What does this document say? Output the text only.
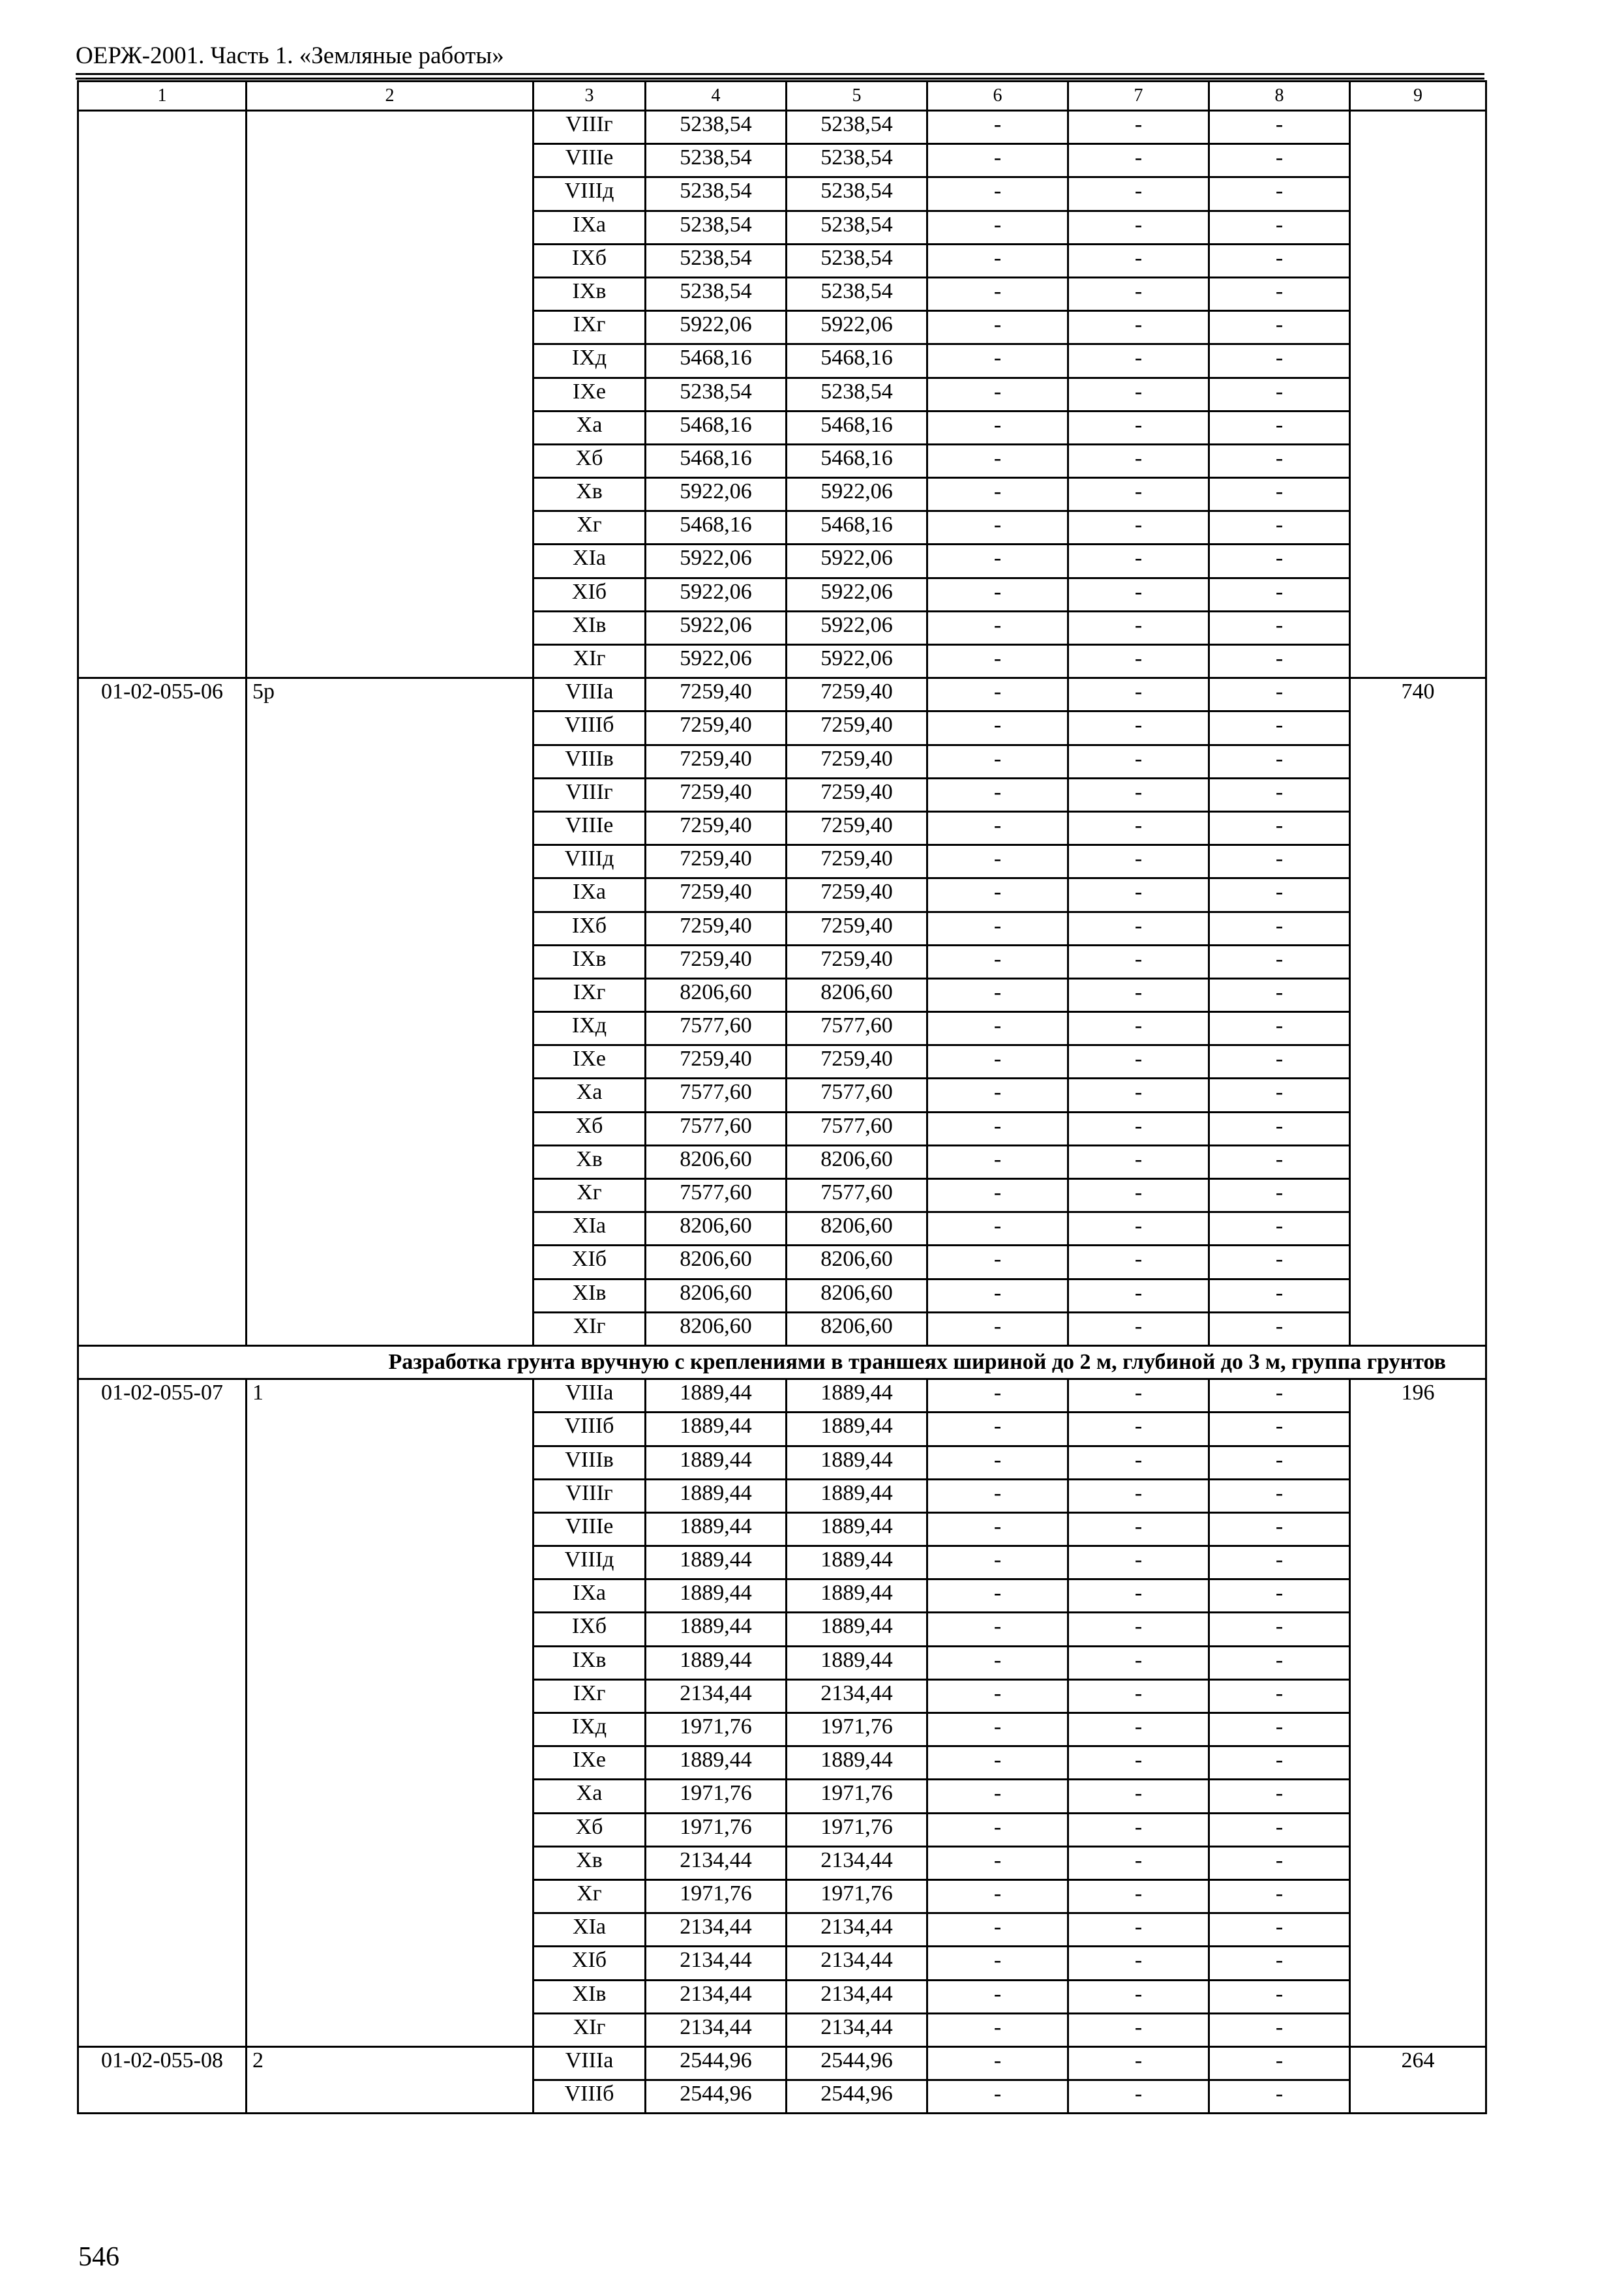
ОЕРЖ-2001. Часть 1. «Земляные работы»
1	2	3	4	5	6	7	8	9
		VIIIг	5238,54	5238,54	-	-	-	
		VIIIе	5238,54	5238,54	-	-	-	
		VIIIд	5238,54	5238,54	-	-	-	
		IXа	5238,54	5238,54	-	-	-	
		IXб	5238,54	5238,54	-	-	-	
		IXв	5238,54	5238,54	-	-	-	
		IXг	5922,06	5922,06	-	-	-	
		IXд	5468,16	5468,16	-	-	-	
		IXе	5238,54	5238,54	-	-	-	
		Xа	5468,16	5468,16	-	-	-	
		Xб	5468,16	5468,16	-	-	-	
		Xв	5922,06	5922,06	-	-	-	
		Xг	5468,16	5468,16	-	-	-	
		XIа	5922,06	5922,06	-	-	-	
		XIб	5922,06	5922,06	-	-	-	
		XIв	5922,06	5922,06	-	-	-	
		XIг	5922,06	5922,06	-	-	-	
01-02-055-06	5р	VIIIа	7259,40	7259,40	-	-	-	740
		VIIIб	7259,40	7259,40	-	-	-	
		VIIIв	7259,40	7259,40	-	-	-	
		VIIIг	7259,40	7259,40	-	-	-	
		VIIIе	7259,40	7259,40	-	-	-	
		VIIIд	7259,40	7259,40	-	-	-	
		IXа	7259,40	7259,40	-	-	-	
		IXб	7259,40	7259,40	-	-	-	
		IXв	7259,40	7259,40	-	-	-	
		IXг	8206,60	8206,60	-	-	-	
		IXд	7577,60	7577,60	-	-	-	
		IXе	7259,40	7259,40	-	-	-	
		Xа	7577,60	7577,60	-	-	-	
		Xб	7577,60	7577,60	-	-	-	
		Xв	8206,60	8206,60	-	-	-	
		Xг	7577,60	7577,60	-	-	-	
		XIа	8206,60	8206,60	-	-	-	
		XIб	8206,60	8206,60	-	-	-	
		XIв	8206,60	8206,60	-	-	-	
		XIг	8206,60	8206,60	-	-	-	
Разработка грунта вручную с креплениями в траншеях шириной до 2 м, глубиной до 3 м, группа грунтов								
01-02-055-07	1	VIIIа	1889,44	1889,44	-	-	-	196
		VIIIб	1889,44	1889,44	-	-	-	
		VIIIв	1889,44	1889,44	-	-	-	
		VIIIг	1889,44	1889,44	-	-	-	
		VIIIе	1889,44	1889,44	-	-	-	
		VIIIд	1889,44	1889,44	-	-	-	
		IXа	1889,44	1889,44	-	-	-	
		IXб	1889,44	1889,44	-	-	-	
		IXв	1889,44	1889,44	-	-	-	
		IXг	2134,44	2134,44	-	-	-	
		IXд	1971,76	1971,76	-	-	-	
		IXе	1889,44	1889,44	-	-	-	
		Xа	1971,76	1971,76	-	-	-	
		Xб	1971,76	1971,76	-	-	-	
		Xв	2134,44	2134,44	-	-	-	
		Xг	1971,76	1971,76	-	-	-	
		XIа	2134,44	2134,44	-	-	-	
		XIб	2134,44	2134,44	-	-	-	
		XIв	2134,44	2134,44	-	-	-	
		XIг	2134,44	2134,44	-	-	-	
01-02-055-08	2	VIIIа	2544,96	2544,96	-	-	-	264
		VIIIб	2544,96	2544,96	-	-	-	
546
